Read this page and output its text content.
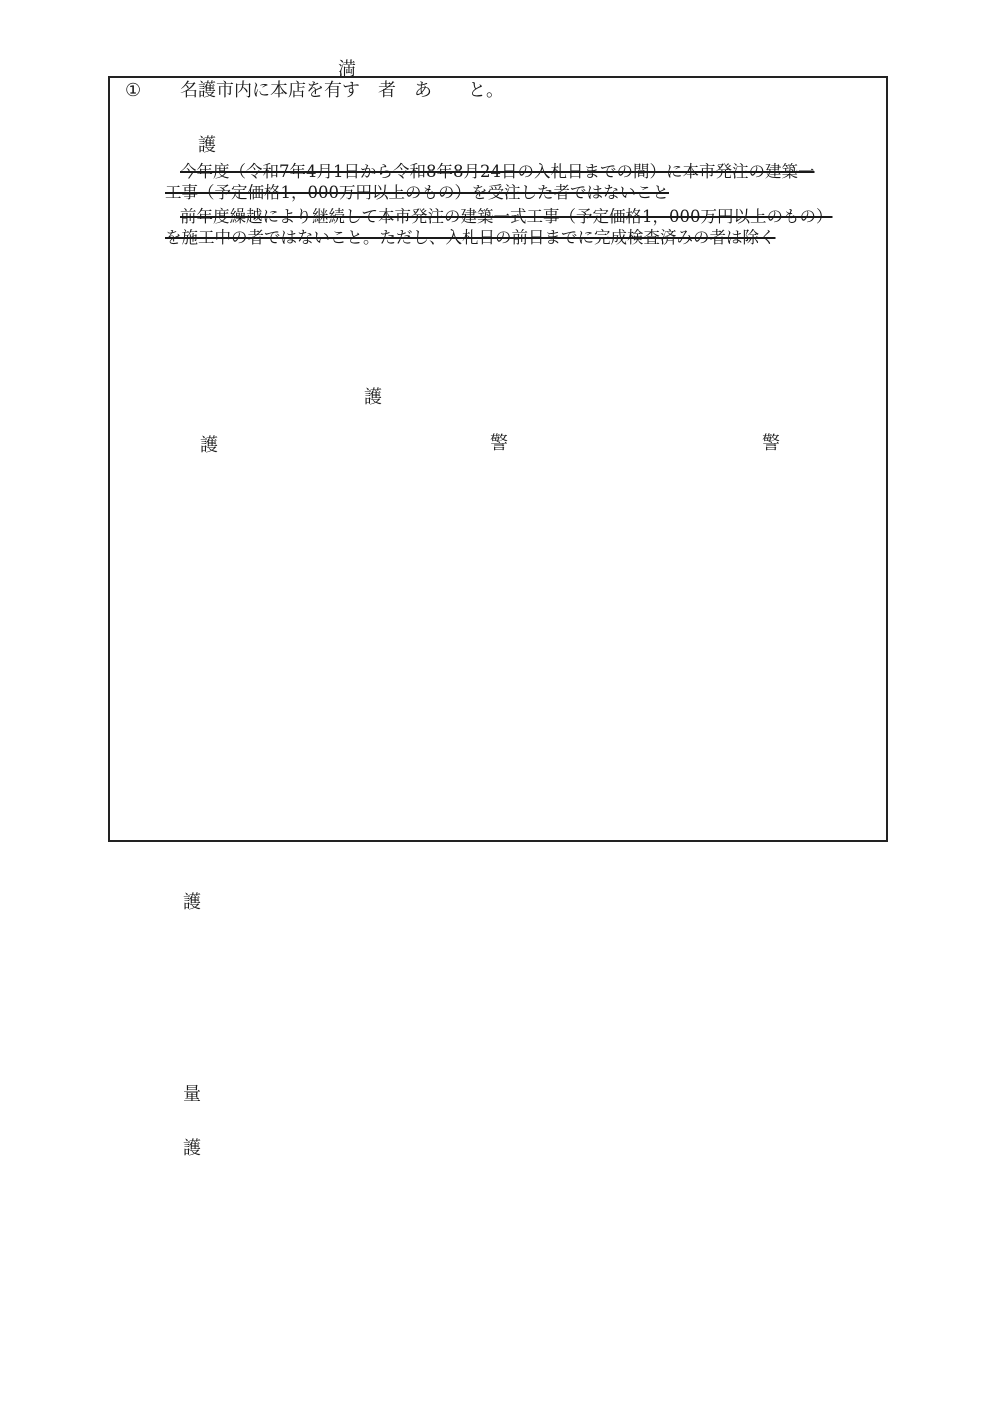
満
① 名護市内に本店を有す　者　あ　　と。
護
今年度（令和7年4月1日から令和8年8月24日の入札日までの間）に本市発注の建築一
工事（予定価格1，000万円以上のもの）を受注した者ではないこと
前年度繰越により継続して本市発注の建築一式工事（予定価格1，000万円以上のもの）
を施工中の者ではないこと。ただし、入札日の前日までに完成検査済みの者は除く
護
護	警	警
護
量
護
